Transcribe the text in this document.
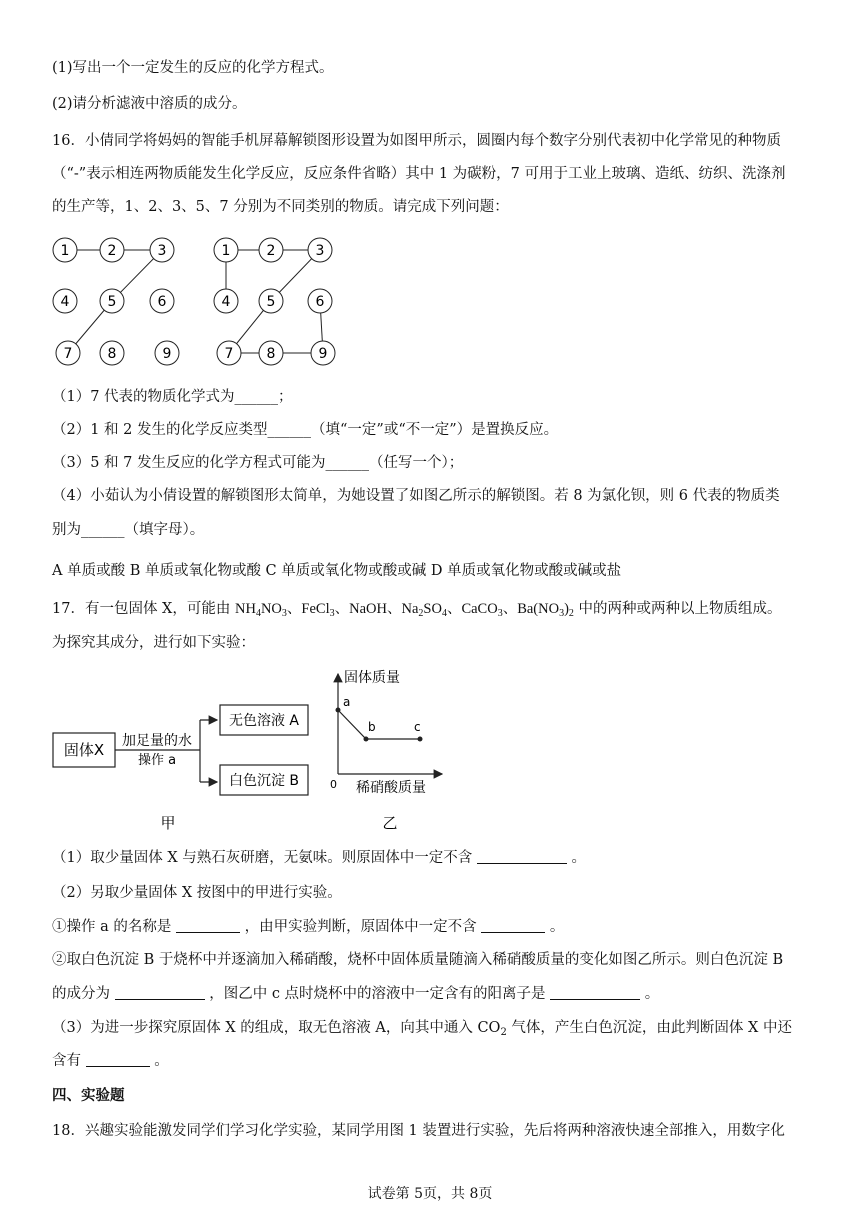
(1)写出一个一定发生的反应的化学方程式。
(2)请分析滤液中溶质的成分。
16．小倩同学将妈妈的智能手机屏幕解锁图形设置为如图甲所示，圆圈内每个数字分别代表初中化学常见的种物质
（“-”表示相连两物质能发生化学反应，反应条件省略）其中 1 为碳粉，7 可用于工业上玻璃、造纸、纺织、洗涤剂
的生产等，1、2、3、5、7 分别为不同类别的物质。请完成下列问题：
1	2	3
4	5	6
7	8	9
1	2	3
4	5	6
7 8	9
（1）7 代表的物质化学式为______；
（2）1 和 2 发生的化学反应类型______（填“一定”或“不一定”）是置换反应。
（3）5 和 7 发生反应的化学方程式可能为______（任写一个）；
（4）小茹认为小倩设置的解锁图形太简单，为她设置了如图乙所示的解锁图。若 8 为氯化钡，则 6 代表的物质类
别为______（填字母）。
A 单质或酸 B 单质或氧化物或酸 C 单质或氧化物或酸或碱 D 单质或氧化物或酸或碱或盐
17．有一包固体 X，可能由 $NH_4NO_3$、FeCl$_3$、NaOH、$Na_2SO_4$、CaCO$_3$、$Ba(NO_3)_2$ 中的两种或两种以上物质组成。
为探究其成分，进行如下实验：
固体X 加足量的水
操作 a
无色溶液 A
白色沉淀 B
甲
固体质量
稀硝酸质量
0
a
b	c
乙
（1）取少量固体 X 与熟石灰研磨，无氨味。则原固体中一定不含	。
（2）另取少量固体 X 按图中的甲进行实验。
①操作 a 的名称是	，由甲实验判断，原固体中一定不含	。
②取白色沉淀 B 于烧杯中并逐滴加入稀硝酸，烧杯中固体质量随滴入稀硝酸质量的变化如图乙所示。则白色沉淀 B
的成分为	，图乙中 c 点时烧杯中的溶液中一定含有的阳离子是	。
（3）为进一步探究原固体 X 的组成，取无色溶液 A，向其中通入 $CO_2$ 气体，产生白色沉淀，由此判断固体 X 中还
含有	。
四、实验题
18．兴趣实验能激发同学们学习化学实验，某同学用图 1 装置进行实验，先后将两种溶液快速全部推入，用数字化
试卷第 5页，共 8页
